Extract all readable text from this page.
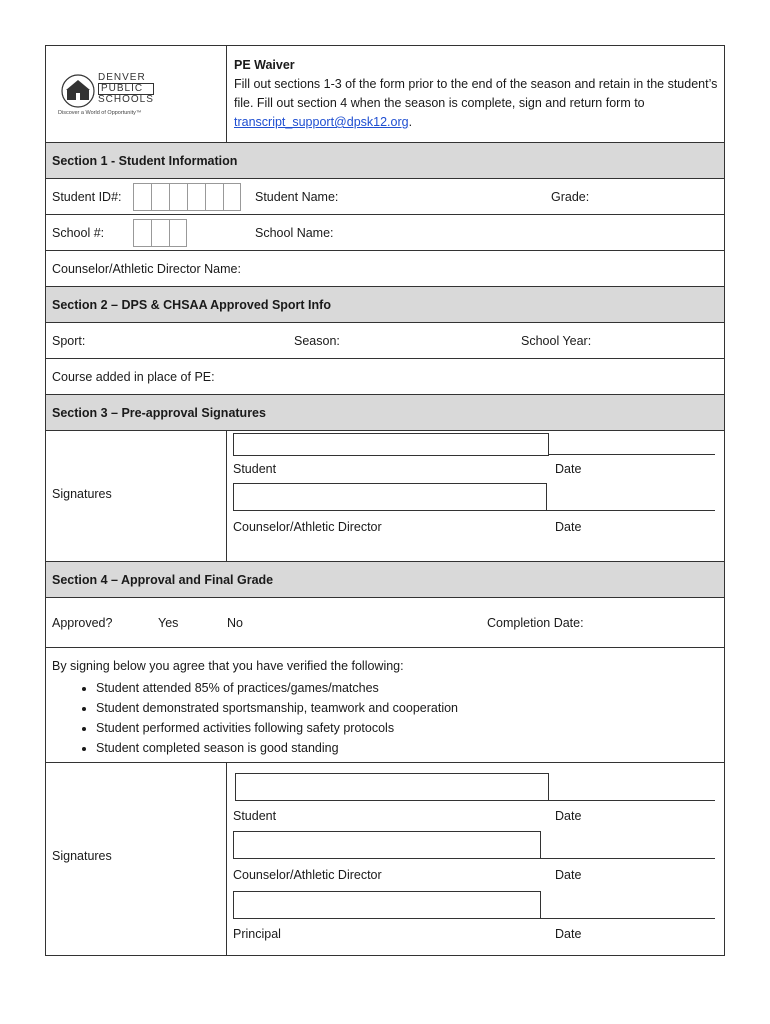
DENVER
PUBLIC
SCHOOLS
Discover a World of Opportunity™
PE Waiver
Fill out sections 1-3 of the form prior to the end of the season and retain in the student’s file. Fill out section 4 when the season is complete, sign and return form to transcript_support@dpsk12.org.
Section 1 - Student Information
Student ID#:	Student Name:	Grade:
School #:	School Name:
Counselor/Athletic Director Name:
Section 2 – DPS & CHSAA Approved Sport Info
Sport:	Season:	School Year:
Course added in place of PE:
Section 3 – Pre-approval Signatures
Signatures
Student	Date
Counselor/Athletic Director	Date
Section 4 – Approval and Final Grade
Approved?	Yes	No	Completion Date:
By signing below you agree that you have verified the following:
• Student attended 85% of practices/games/matches
• Student demonstrated sportsmanship, teamwork and cooperation
• Student performed activities following safety protocols
• Student completed season is good standing
Signatures
Student	Date
Counselor/Athletic Director	Date
Principal	Date
